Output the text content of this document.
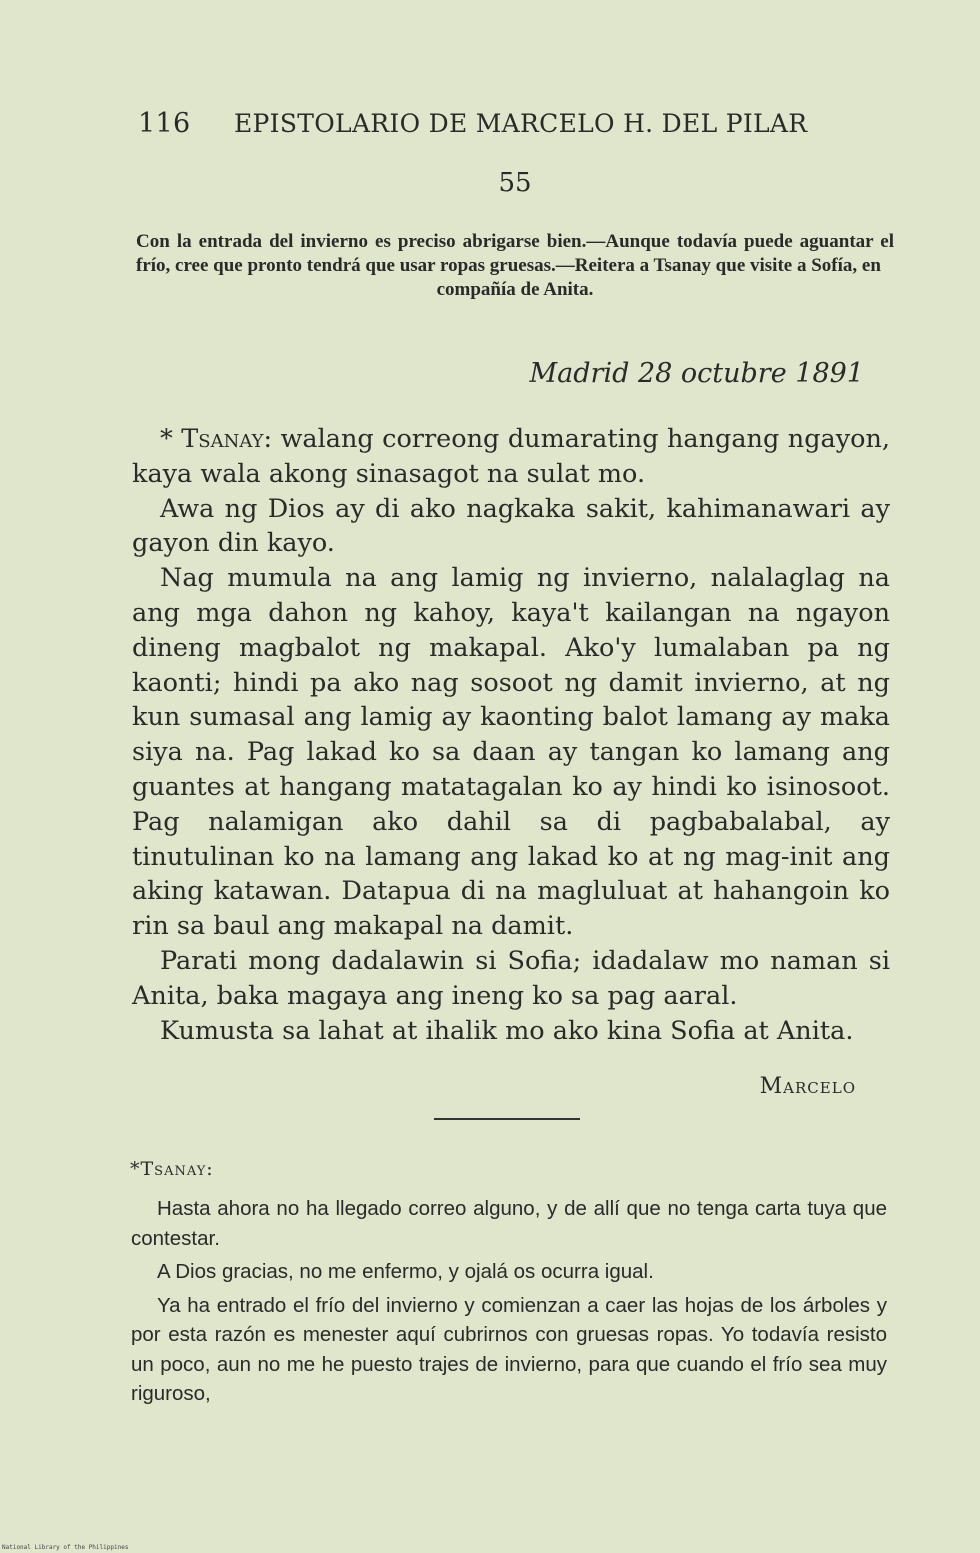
116 EPISTOLARIO DE MARCELO H. DEL PILAR
55
Con la entrada del invierno es preciso abrigarse bien.—Aunque todavía puede aguantar el frío, cree que pronto tendrá que usar ropas gruesas.—Reitera a Tsanay que visite a Sofía, en
compañía de Anita.
Madrid 28 octubre 1891

* Tsanay: walang correong dumarating hangang ngayon, kaya wala akong sinasagot na sulat mo.

Awa ng Dios ay di ako nagkaka sakit, kahimanawari ay gayon din kayo.

Nag mumula na ang lamig ng invierno, nalalaglag na ang mga dahon ng kahoy, kaya't kailangan na ngayon dineng magbalot ng makapal. Ako'y lumalaban pa ng kaonti; hindi pa ako nag sosoot ng damit invierno, at ng kun sumasal ang lamig ay kaonting balot lamang ay maka siya na. Pag lakad ko sa daan ay tangan ko lamang ang guantes at hangang matatagalan ko ay hindi ko isinosoot. Pag nalamigan ako dahil sa di pagbabalabal, ay tinutulinan ko na lamang ang lakad ko at ng mag-init ang aking katawan. Datapua di na magluluat at hahangoin ko rin sa baul ang makapal na damit.

Parati mong dadalawin si Sofia; idadalaw mo naman si Anita, baka magaya ang ineng ko sa pag aaral.

Kumusta sa lahat at ihalik mo ako kina Sofia at Anita.

Marcelo
*Tsanay:

Hasta ahora no ha llegado correo alguno, y de allí que no tenga carta tuya que contestar.

A Dios gracias, no me enfermo, y ojalá os ocurra igual.

Ya ha entrado el frío del invierno y comienzan a caer las hojas de los árboles y por esta razón es menester aquí cubrirnos con gruesas ropas. Yo todavía resisto un poco, aun no me he puesto trajes de invierno, para que cuando el frío sea muy riguroso,

National Library of the Philippines
